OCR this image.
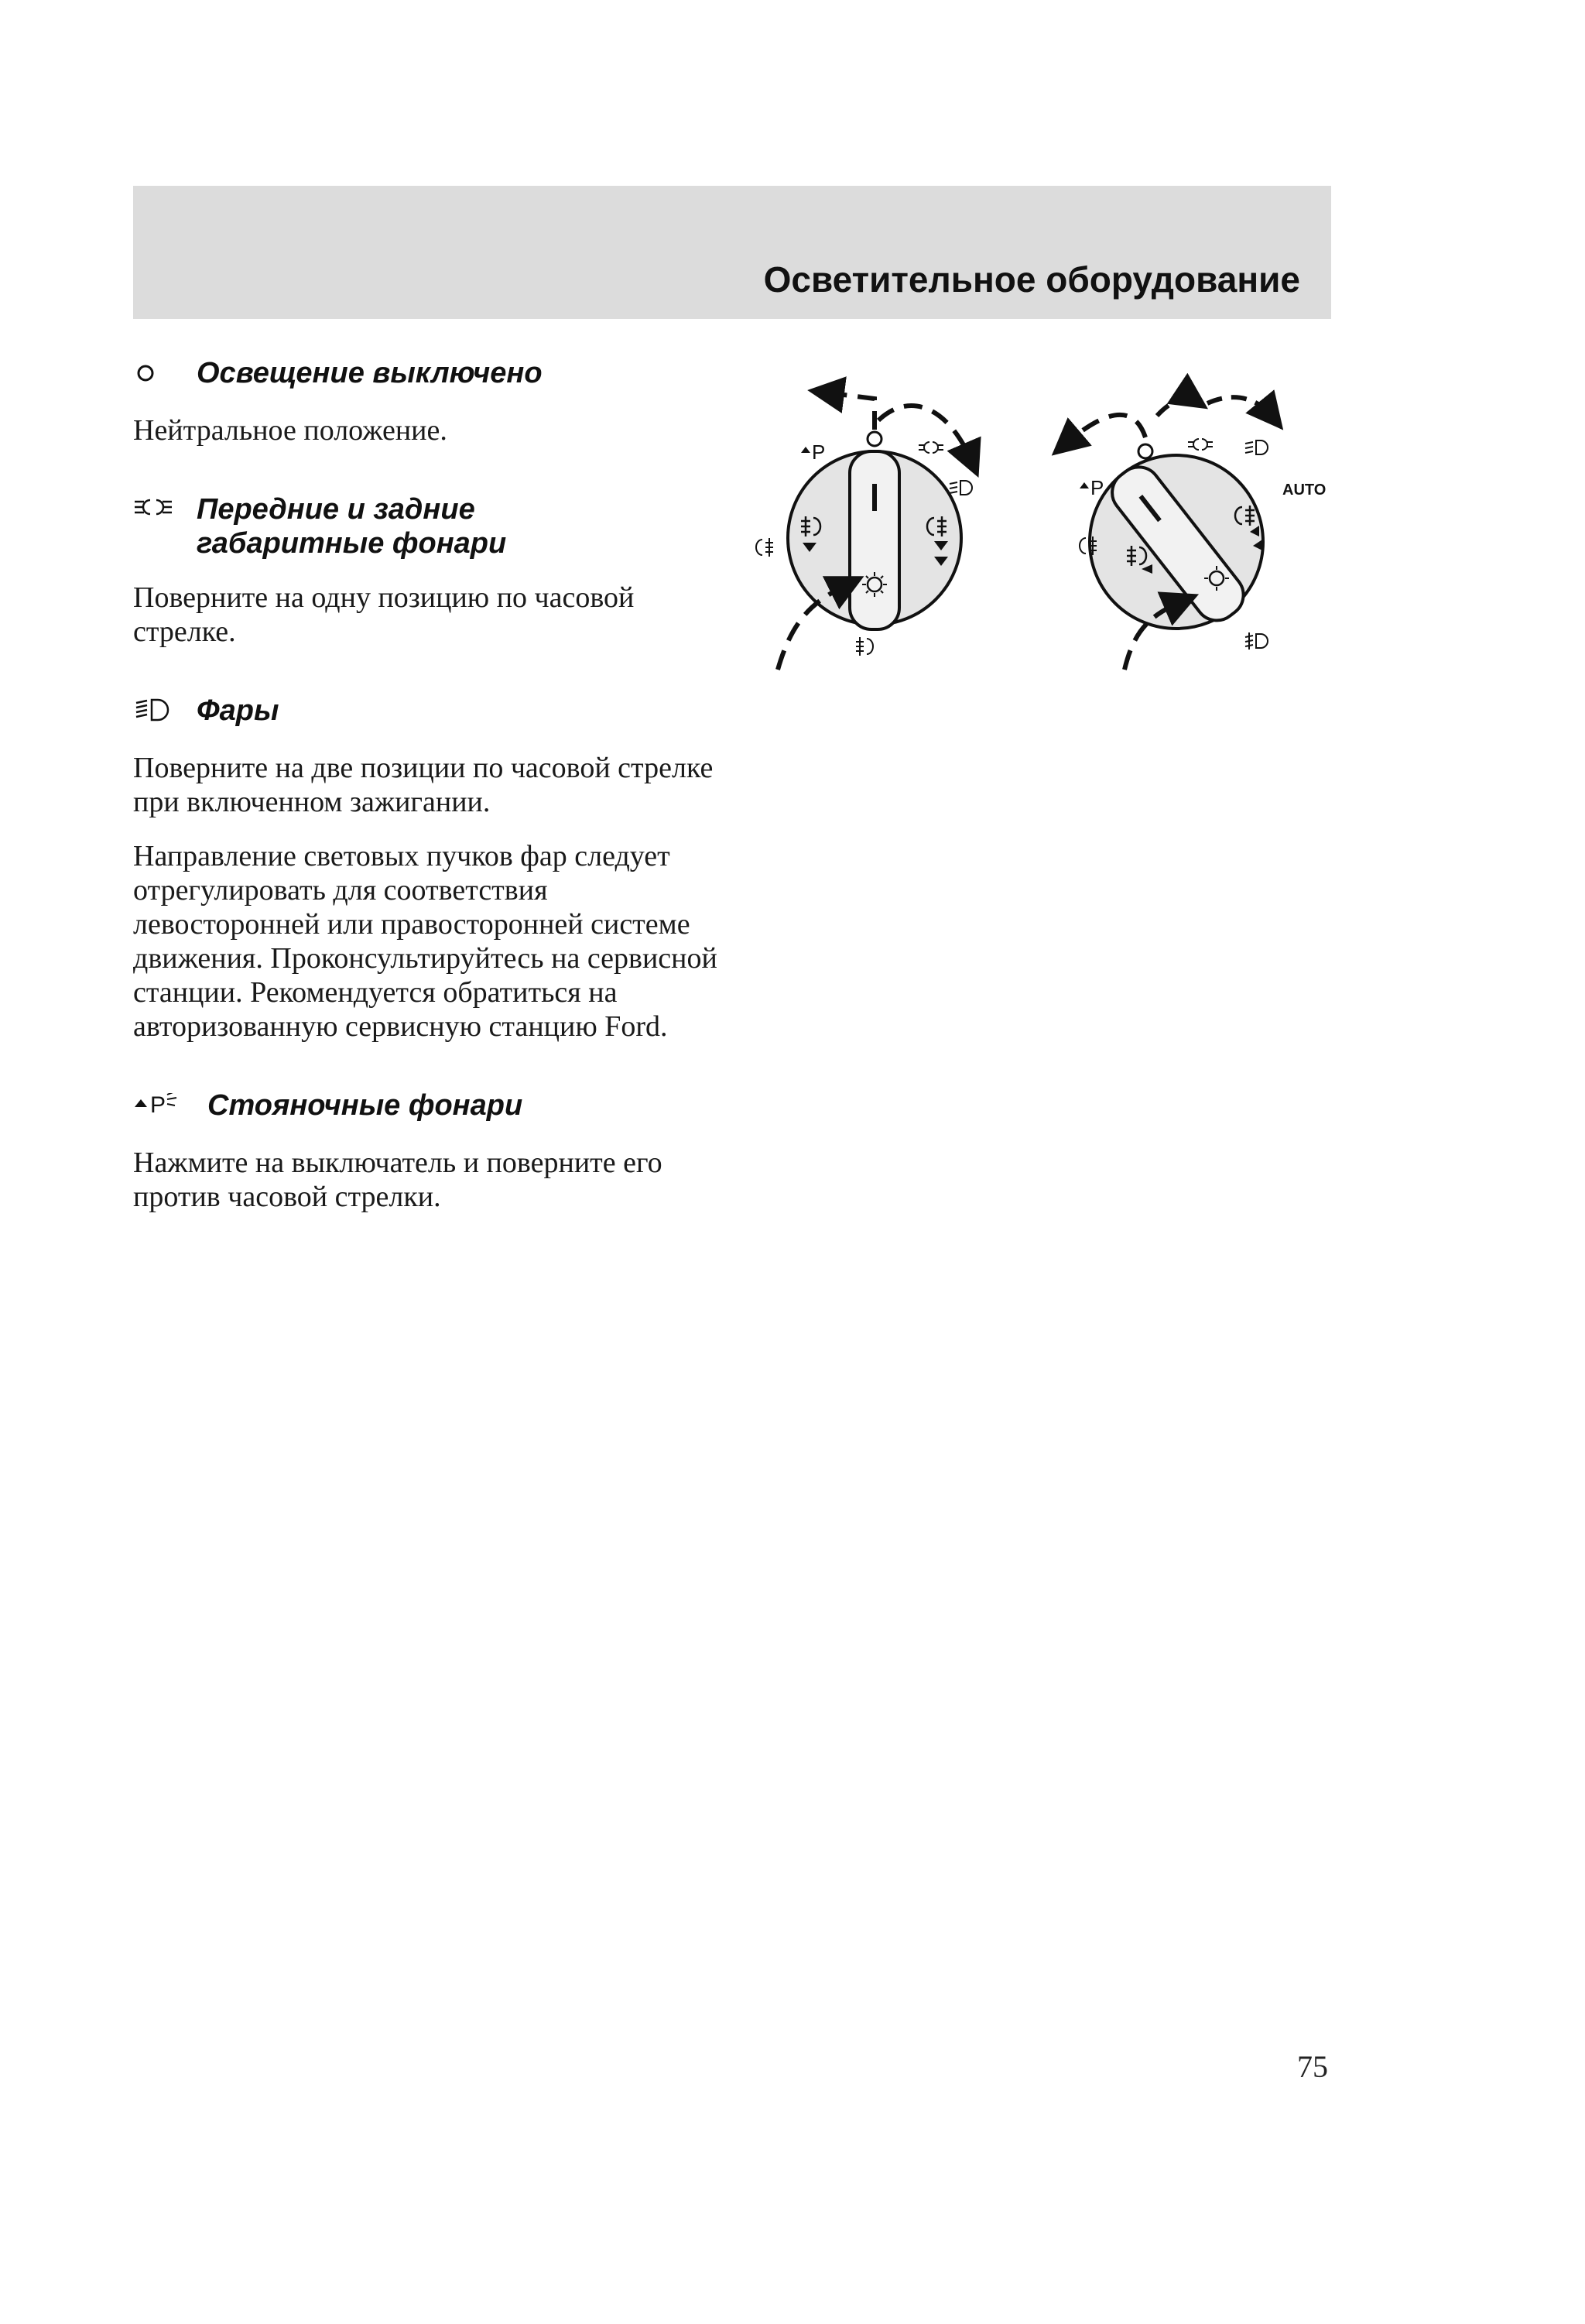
Осветительное оборудование
Освещение выключено

Нейтральное положение.

Передние и задние габаритные фонари

Поверните на одну позицию по часовой стрелке.

Фары

Поверните на две позиции по часовой стрелке при включенном зажигании.

Направление световых пучков фар следует отрегулировать для соответствия левосторонней или правосторонней системе движения. Проконсультируйтесь на сервисной станции. Рекомендуется обратиться на авторизованную сервисную станцию Ford.

P Стояночные фонари

Нажмите на выключатель и поверните его против часовой стрелки.

P
P	AUTO
75
